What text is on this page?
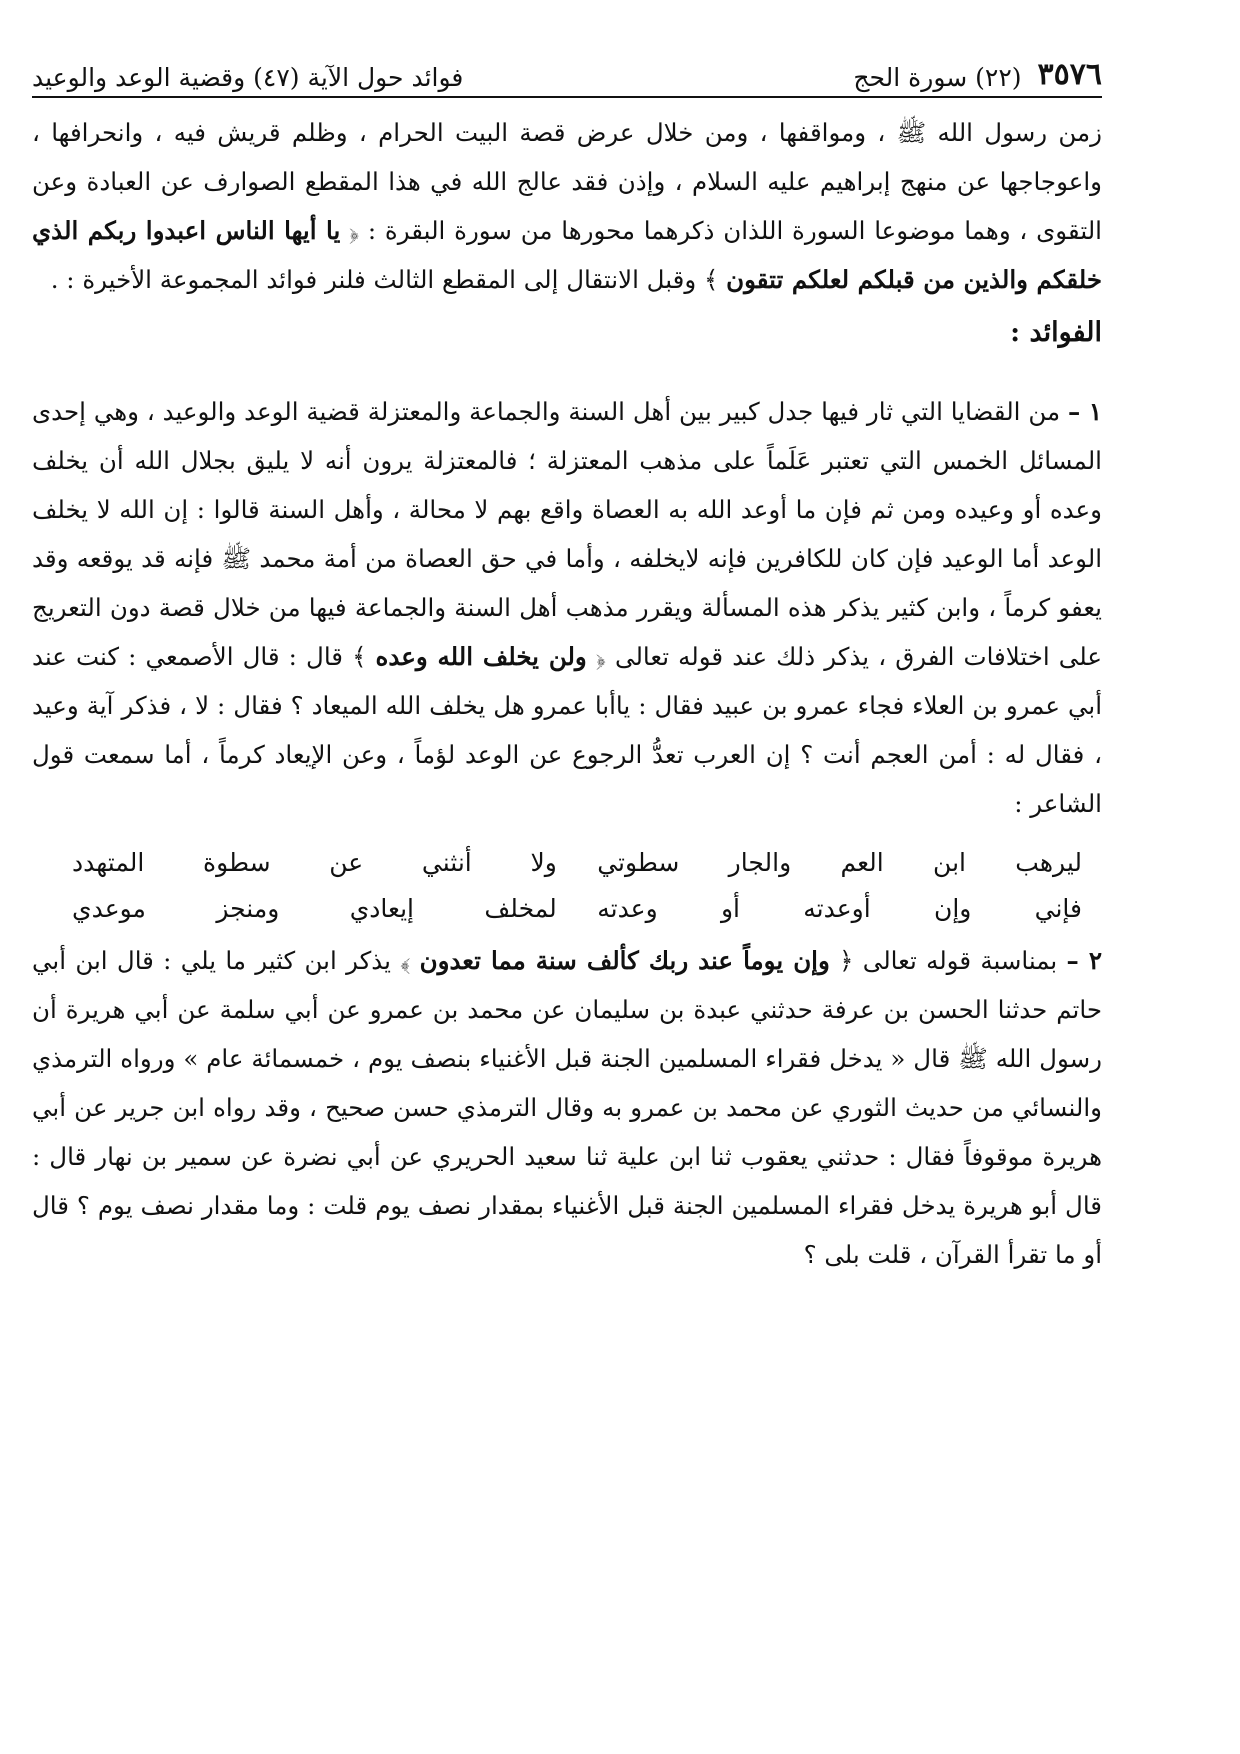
٣٥٧٦
(٢٢) سورة الحج
فوائد حول الآية (٤٧) وقضية الوعد والوعيد

زمن رسول الله ﷺ ، ومواقفها ، ومن خلال عرض قصة البيت الحرام ، وظلم قريش فيه ، وانحرافها ، واعوجاجها عن منهج إبراهيم عليه السلام ، وإذن فقد عالج الله في هذا المقطع الصوارف عن العبادة وعن التقوى ، وهما موضوعا السورة اللذان ذكرهما محورها من سورة البقرة : ﴿ يا أيها الناس اعبدوا ربكم الذي خلقكم والذين من قبلكم لعلكم تتقون ﴾ وقبل الانتقال إلى المقطع الثالث فلنر فوائد المجموعة الأخيرة : .

الفوائد :

١ – من القضايا التي ثار فيها جدل كبير بين أهل السنة والجماعة والمعتزلة قضية الوعد والوعيد ، وهي إحدى المسائل الخمس التي تعتبر عَلَماً على مذهب المعتزلة ؛ فالمعتزلة يرون أنه لا يليق بجلال الله أن يخلف وعده أو وعيده ومن ثم فإن ما أوعد الله به العصاة واقع بهم لا محالة ، وأهل السنة قالوا : إن الله لا يخلف الوعد أما الوعيد فإن كان للكافرين فإنه لايخلفه ، وأما في حق العصاة من أمة محمد ﷺ فإنه قد يوقعه وقد يعفو كرماً ، وابن كثير يذكر هذه المسألة ويقرر مذهب أهل السنة والجماعة فيها من خلال قصة دون التعريج على اختلافات الفرق ، يذكر ذلك عند قوله تعالى ﴿ ولن يخلف الله وعده ﴾ قال : قال الأصمعي : كنت عند أبي عمرو بن العلاء فجاء عمرو بن عبيد فقال : ياأبا عمرو هل يخلف الله الميعاد ؟ فقال : لا ، فذكر آية وعيد ، فقال له : أمن العجم أنت ؟ إن العرب تعدُّ الرجوع عن الوعد لؤماً ، وعن الإيعاد كرماً ، أما سمعت قول الشاعر :

ليرهب ابن العم والجار سطوتي
ولا أنثني عن سطوة المتهدد
فإني وإن أوعدته أو وعدته
لمخلف إيعادي ومنجز موعدي

٢ – بمناسبة قوله تعالى ﴿ وإن يوماً عند ربك كألف سنة مما تعدون ﴾ يذكر ابن كثير ما يلي : قال ابن أبي حاتم حدثنا الحسن بن عرفة حدثني عبدة بن سليمان عن محمد بن عمرو عن أبي سلمة عن أبي هريرة أن رسول الله ﷺ قال « يدخل فقراء المسلمين الجنة قبل الأغنياء بنصف يوم ، خمسمائة عام » ورواه الترمذي والنسائي من حديث الثوري عن محمد بن عمرو به وقال الترمذي حسن صحيح ، وقد رواه ابن جرير عن أبي هريرة موقوفاً فقال : حدثني يعقوب ثنا ابن علية ثنا سعيد الحريري عن أبي نضرة عن سمير بن نهار قال : قال أبو هريرة يدخل فقراء المسلمين الجنة قبل الأغنياء بمقدار نصف يوم قلت : وما مقدار نصف يوم ؟ قال أو ما تقرأ القرآن ، قلت بلى ؟
